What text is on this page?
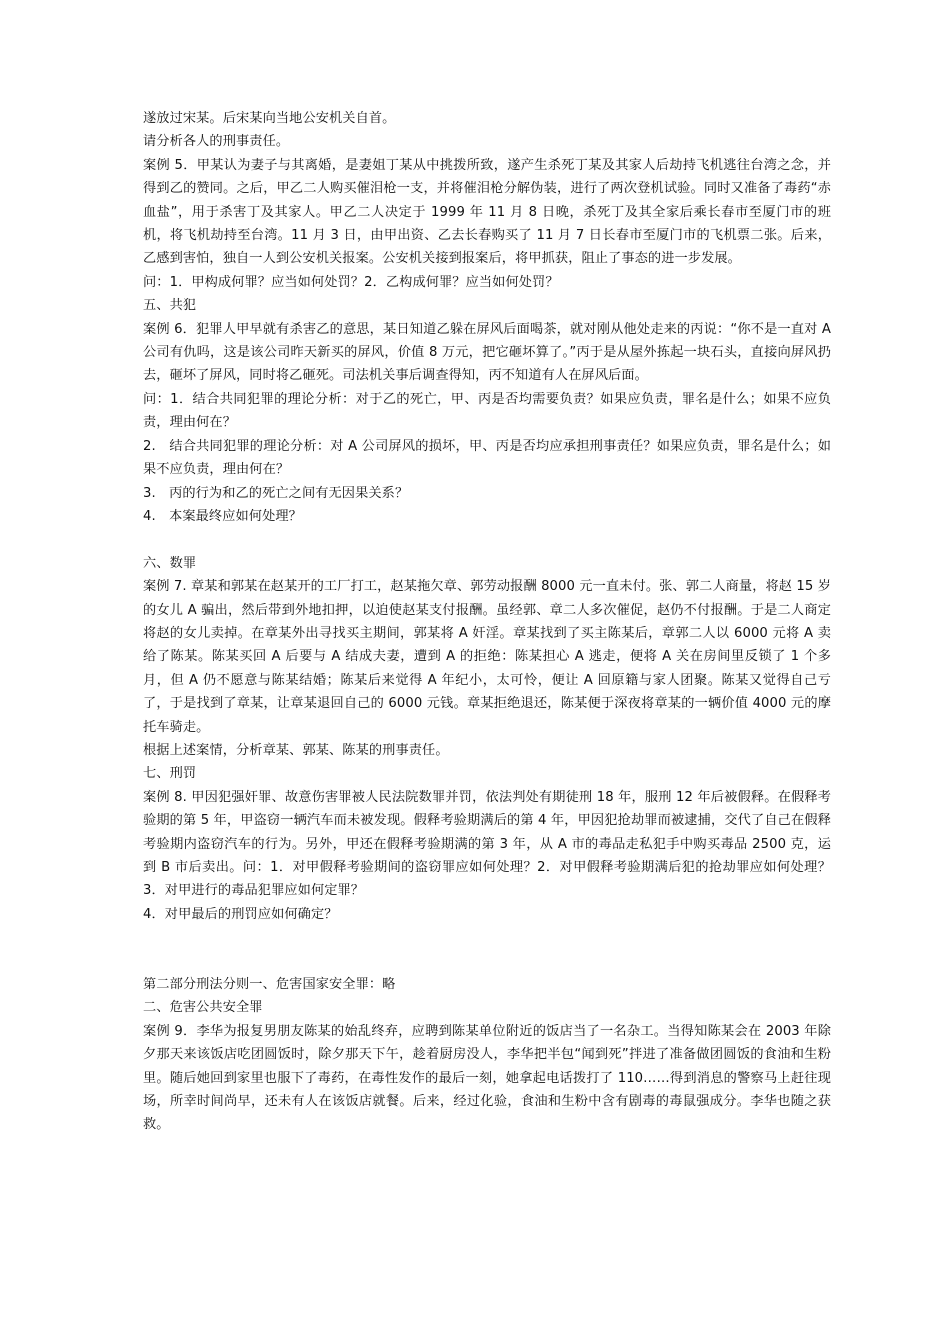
遂放过宋某。后宋某向当地公安机关自首。

请分析各人的刑事责任。

案例 5．甲某认为妻子与其离婚，是妻姐丁某从中挑拨所致，遂产生杀死丁某及其家人后劫持飞机逃往台湾之念，并得到乙的赞同。之后，甲乙二人购买催泪枪一支，并将催泪枪分解伪装，进行了两次登机试验。同时又准备了毒药“赤血盐”，用于杀害丁及其家人。甲乙二人决定于 1999 年 11 月 8 日晚，杀死丁及其全家后乘长春市至厦门市的班机，将飞机劫持至台湾。11 月 3 日，由甲出资、乙去长春购买了 11 月 7 日长春市至厦门市的飞机票二张。后来，乙感到害怕，独自一人到公安机关报案。公安机关接到报案后，将甲抓获，阻止了事态的进一步发展。

问：1．甲构成何罪？应当如何处罚？2．乙构成何罪？应当如何处罚？

五、共犯

案例 6．犯罪人甲早就有杀害乙的意思，某日知道乙躲在屏风后面喝茶，就对刚从他处走来的丙说：“你不是一直对 A 公司有仇吗，这是该公司昨天新买的屏风，价值 8 万元，把它砸坏算了。”丙于是从屋外拣起一块石头，直接向屏风扔去，砸坏了屏风，同时将乙砸死。司法机关事后调查得知，丙不知道有人在屏风后面。

问：1．结合共同犯罪的理论分析：对于乙的死亡，甲、丙是否均需要负责？如果应负责，罪名是什么；如果不应负责，理由何在？

2.　结合共同犯罪的理论分析：对 A 公司屏风的损坏，甲、丙是否均应承担刑事责任？如果应负责，罪名是什么；如果不应负责，理由何在？

3.　丙的行为和乙的死亡之间有无因果关系？

4.　本案最终应如何处理？

六、数罪

案例 7. 章某和郭某在赵某开的工厂打工，赵某拖欠章、郭劳动报酬 8000 元一直未付。张、郭二人商量，将赵 15 岁的女儿 A 骗出，然后带到外地扣押，以迫使赵某支付报酬。虽经郭、章二人多次催促，赵仍不付报酬。于是二人商定将赵的女儿卖掉。在章某外出寻找买主期间，郭某将 A 奸淫。章某找到了买主陈某后，章郭二人以 6000 元将 A 卖给了陈某。陈某买回 A 后要与 A 结成夫妻，遭到 A 的拒绝：陈某担心 A 逃走，便将 A 关在房间里反锁了 1 个多月，但 A 仍不愿意与陈某结婚；陈某后来觉得 A 年纪小，太可怜，便让 A 回原籍与家人团聚。陈某又觉得自己亏了，于是找到了章某，让章某退回自己的 6000 元钱。章某拒绝退还，陈某便于深夜将章某的一辆价值 4000 元的摩托车骑走。

根据上述案情，分析章某、郭某、陈某的刑事责任。

七、刑罚

案例 8. 甲因犯强奸罪、故意伤害罪被人民法院数罪并罚，依法判处有期徒刑 18 年，服刑 12 年后被假释。在假释考验期的第 5 年，甲盗窃一辆汽车而未被发现。假释考验期满后的第 4 年，甲因犯抢劫罪而被逮捕，交代了自己在假释考验期内盗窃汽车的行为。另外，甲还在假释考验期满的第 3 年，从 A 市的毒品走私犯手中购买毒品 2500 克，运到 B 市后卖出。问：1．对甲假释考验期间的盗窃罪应如何处理？2．对甲假释考验期满后犯的抢劫罪应如何处理？3．对甲进行的毒品犯罪应如何定罪？

4．对甲最后的刑罚应如何确定？

第二部分刑法分则一、危害国家安全罪：略

二、危害公共安全罪

案例 9．李华为报复男朋友陈某的始乱终弃，应聘到陈某单位附近的饭店当了一名杂工。当得知陈某会在 2003 年除夕那天来该饭店吃团圆饭时，除夕那天下午，趁着厨房没人，李华把半包“闻到死”拌进了准备做团圆饭的食油和生粉里。随后她回到家里也服下了毒药，在毒性发作的最后一刻，她拿起电话拨打了 110……得到消息的警察马上赶往现场，所幸时间尚早，还未有人在该饭店就餐。后来，经过化验，食油和生粉中含有剧毒的毒鼠强成分。李华也随之获救。
